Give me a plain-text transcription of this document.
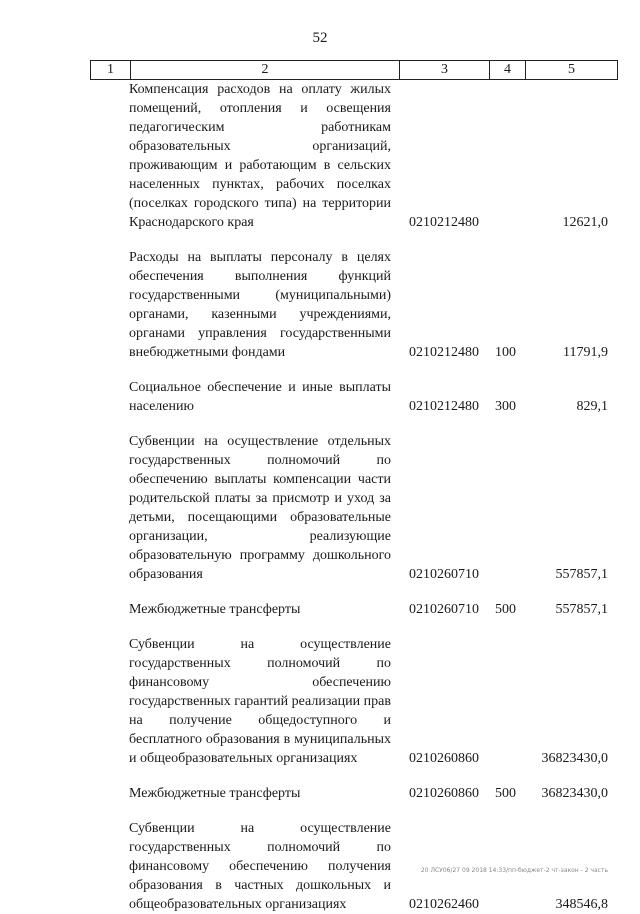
52
1	2	3	4	5
Компенсация расходов на оплату жилых помещений, отопления и освещения педагогическим работникам образовательных организаций, проживающим и работающим в сельских населенных пунктах, рабочих поселках (поселках городского типа) на территории Краснодарского края	0210212480	12621,0
Расходы на выплаты персоналу в целях обеспечения выполнения функций государственными (муниципальными) органами, казенными учреждениями, органами управления государственными внебюджетными фондами	0210212480 100	11791,9
Социальное обеспечение и иные выплаты населению	0210212480 300	829,1
Субвенции на осуществление отдельных государственных полномочий по обеспечению выплаты компенсации части родительской платы за присмотр и уход за детьми, посещающими образовательные организации, реализующие образовательную программу дошкольного образования	0210260710	557857,1
Межбюджетные трансферты	0210260710 500	557857,1
Субвенции на осуществление государственных полномочий по финансовому обеспечению государственных гарантий реализации прав на получение общедоступного и бесплатного образования в муниципальных и общеобразовательных организациях	0210260860	36823430,0
Межбюджетные трансферты	0210260860 500 36823430,0
Субвенции на осуществление государственных полномочий по финансовому обеспечению получения образования в частных дошкольных и общеобразовательных организациях	0210262460	348546,8
20 ЛСУ06/27 09 2018 14:33/пп-бюджет-2 чт-закон - 2 часть
